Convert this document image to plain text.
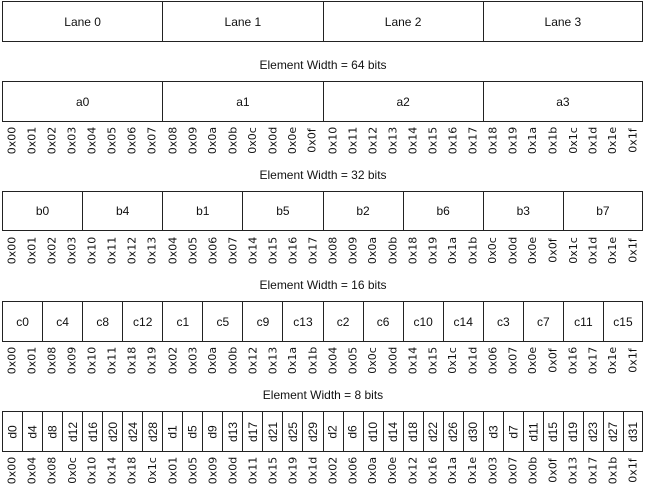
Lane 0	Lane 1	Lane 2	Lane 3
Element Width = 64 bits
a0	a1	a2	a3
0x00 0x01 0x02 0x03 0x04 0x05 0x06 0x07 0x08 0x09 0x0a 0x0b 0x0c 0x0d 0x0e 0x0f 0x10 0x11 0x12 0x13 0x14 0x15 0x16 0x17 0x18 0x19 0x1a 0x1b 0x1c 0x1d 0x1e 0x1f
Element Width = 32 bits
b0	b4	b1	b5	b2	b6	b3	b7
0x00 0x01 0x02 0x03 0x10 0x11 0x12 0x13 0x04 0x05 0x06 0x07 0x14 0x15 0x16 0x17 0x08 0x09 0x0a 0x0b 0x18 0x19 0x1a 0x1b 0x0c 0x0d 0x0e 0x0f 0x1c 0x1d 0x1e 0x1f
Element Width = 16 bits
c0 c4 c8 c12 c1 c5 c9 c13 c2 c6 c10 c14 c3 c7 c11 c15
0x00 0x01 0x08 0x09 0x10 0x11 0x18 0x19 0x02 0x03 0x0a 0x0b 0x12 0x13 0x1a 0x1b 0x04 0x05 0x0c 0x0d 0x14 0x15 0x1c 0x1d 0x06 0x07 0x0e 0x0f 0x16 0x17 0x1e 0x1f
Element Width = 8 bits
d0 d4 d8 d12 d16 d20 d24 d28 d1 d5 d9 d13 d17 d21 d25 d29 d2 d6 d10 d14 d18 d22 d26 d30 d3 d7 d11 d15 d19 d23 d27 d31
0x00 0x04 0x08 0x0c 0x10 0x14 0x18 0x1c 0x01 0x05 0x09 0x0d 0x11 0x15 0x19 0x1d 0x02 0x06 0x0a 0x0e 0x12 0x16 0x1a 0x1e 0x03 0x07 0x0b 0x0f 0x13 0x17 0x1b 0x1f
